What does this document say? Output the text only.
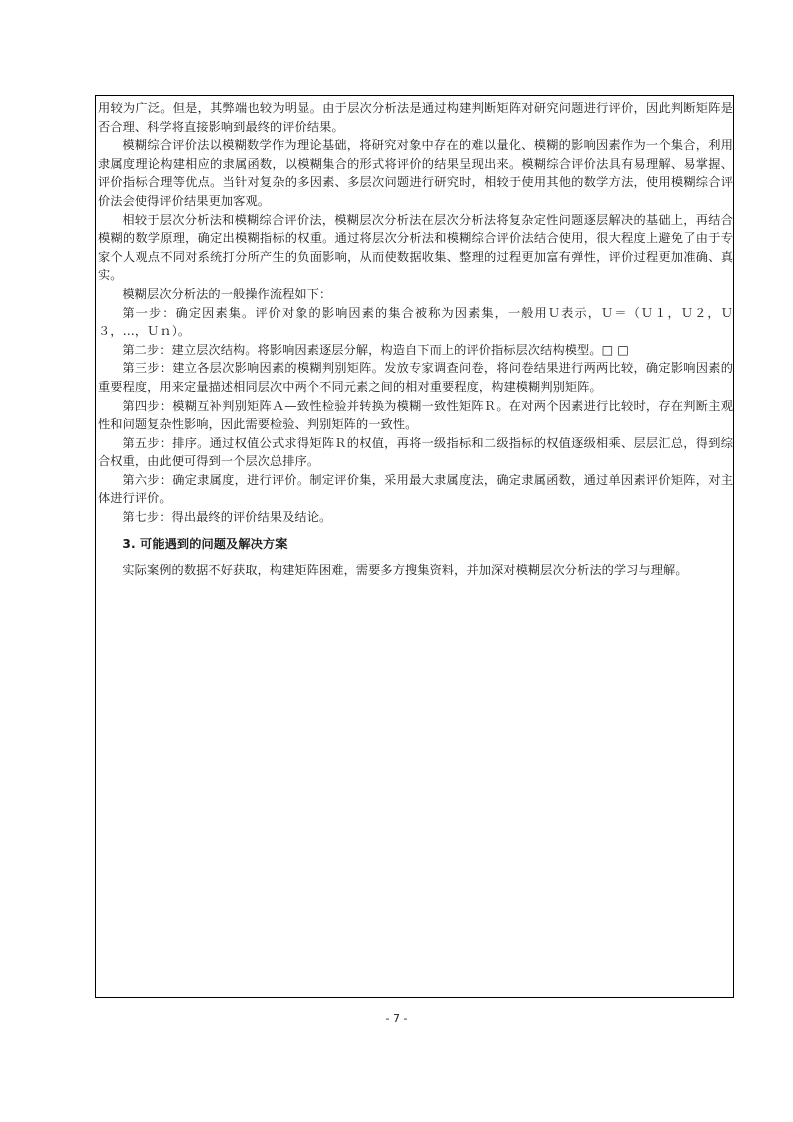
用较为广泛。但是，其弊端也较为明显。由于层次分析法是通过构建判断矩阵对研究问题进行评价，因此判断矩阵是否合理、科学将直接影响到最终的评价结果。

模糊综合评价法以模糊数学作为理论基础，将研究对象中存在的难以量化、模糊的影响因素作为一个集合，利用隶属度理论构建相应的隶属函数，以模糊集合的形式将评价的结果呈现出来。模糊综合评价法具有易理解、易掌握、评价指标合理等优点。当针对复杂的多因素、多层次问题进行研究时，相较于使用其他的数学方法，使用模糊综合评价法会使得评价结果更加客观。

相较于层次分析法和模糊综合评价法，模糊层次分析法在层次分析法将复杂定性问题逐层解决的基础上，再结合模糊的数学原理，确定出模糊指标的权重。通过将层次分析法和模糊综合评价法结合使用，很大程度上避免了由于专家个人观点不同对系统打分所产生的负面影响，从而使数据收集、整理的过程更加富有弹性，评价过程更加准确、真实。

模糊层次分析法的一般操作流程如下：

第一步：确定因素集。评价对象的影响因素的集合被称为因素集，一般用Ｕ表示，Ｕ＝（Ｕ１，Ｕ２，Ｕ３，…，Ｕｎ）。

第二步：建立层次结构。将影响因素逐层分解，构造自下而上的评价指标层次结构模型。□ □

第三步：建立各层次影响因素的模糊判别矩阵。发放专家调查问卷，将问卷结果进行两两比较，确定影响因素的重要程度，用来定量描述相同层次中两个不同元素之间的相对重要程度，构建模糊判别矩阵。

第四步：模糊互补判别矩阵Ａ—致性检验并转换为模糊一致性矩阵Ｒ。在对两个因素进行比较时，存在判断主观性和问题复杂性影响，因此需要检验、判别矩阵的一致性。

第五步：排序。通过权值公式求得矩阵Ｒ的权值，再将一级指标和二级指标的权值逐级相乘、层层汇总，得到综合权重，由此便可得到一个层次总排序。

第六步：确定隶属度，进行评价。制定评价集，采用最大隶属度法，确定隶属函数，通过单因素评价矩阵，对主体进行评价。

第七步：得出最终的评价结果及结论。

3. 可能遇到的问题及解决方案

实际案例的数据不好获取，构建矩阵困难，需要多方搜集资料，并加深对模糊层次分析法的学习与理解。

- 7 -
